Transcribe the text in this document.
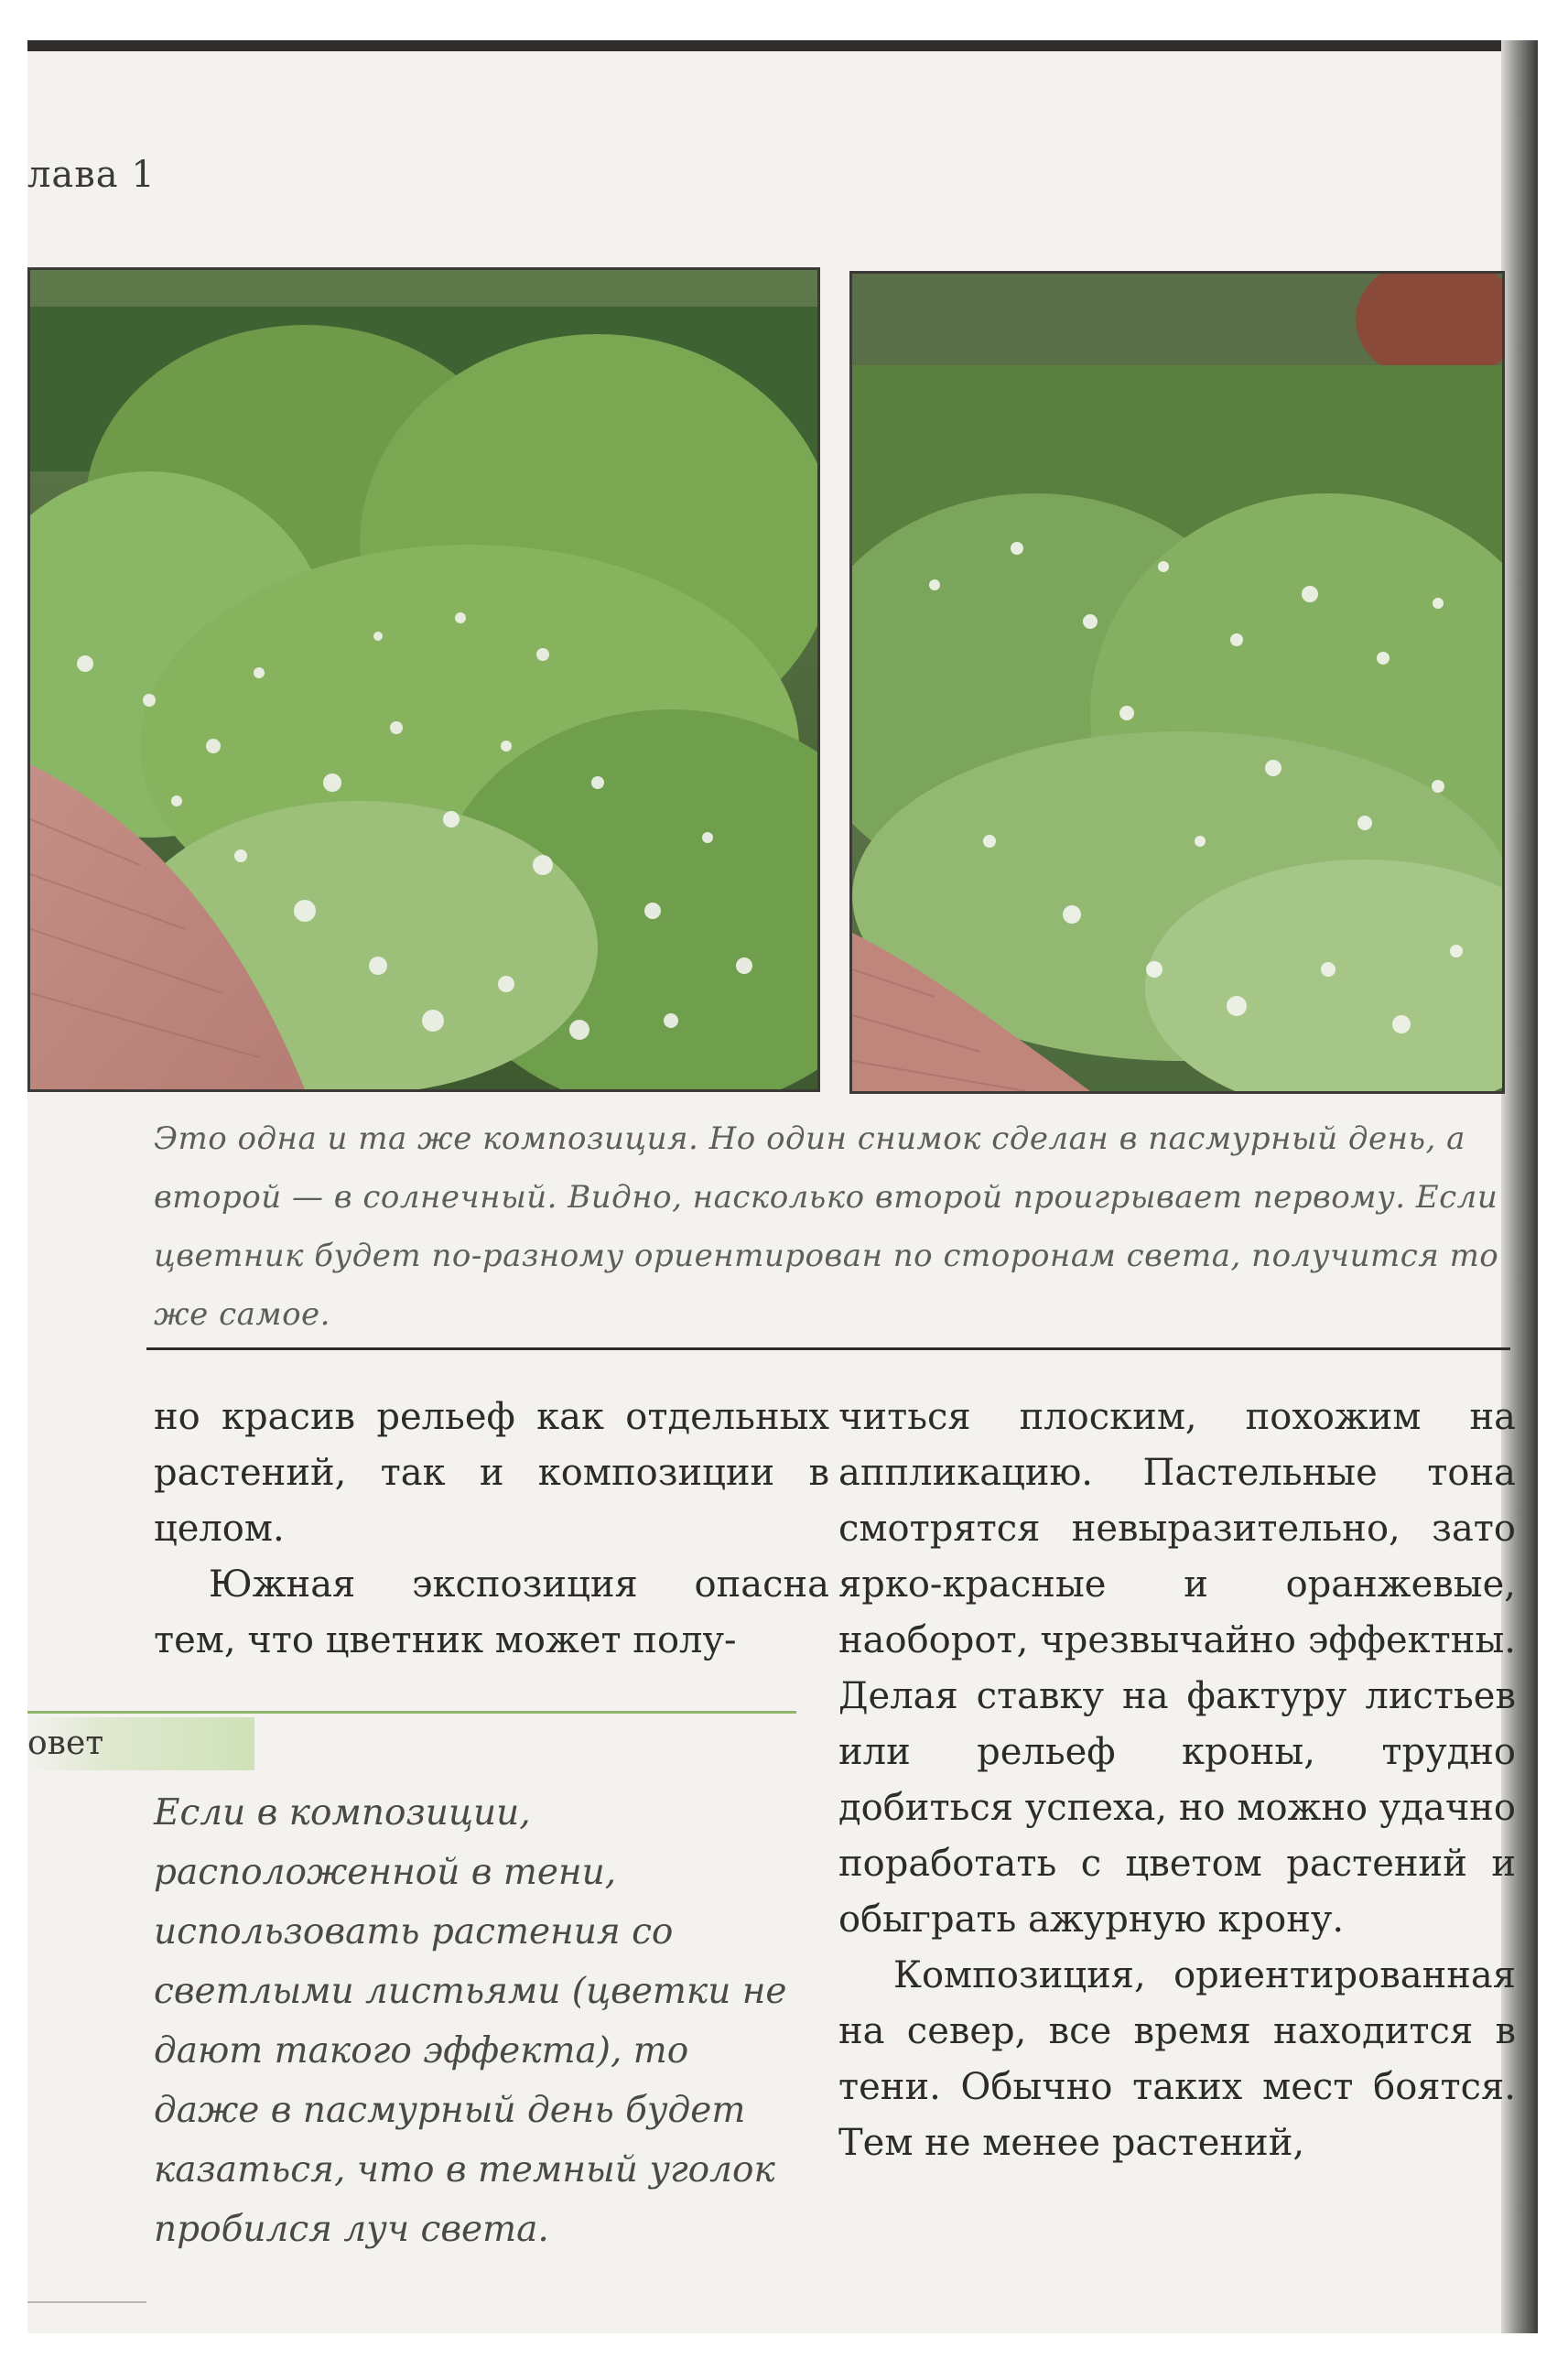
лава 1
Это одна и та же композиция. Но один снимок сделан в пасмурный день, а второй — в солнечный. Видно, насколько второй проигрывает первому. Если цветник будет по-разному ориентирован по сторонам света, получится то же самое.

но красив рельеф как отдельных растений, так и композиции в целом.

Южная экспозиция опасна тем, что цветник может полу-

овет
Если в композиции, расположенной в тени, использовать растения со светлыми листьями (цветки не дают такого эффекта), то даже в пасмурный день будет казаться, что в темный уголок пробился луч света.

читься плоским, похожим на аппликацию. Пастельные тона смотрятся невыразительно, зато ярко-красные и оранжевые, наоборот, чрезвычайно эффектны. Делая ставку на фактуру листьев или рельеф кроны, трудно добиться успеха, но можно удачно поработать с цветом растений и обыграть ажурную крону.

Композиция, ориентированная на север, все время находится в тени. Обычно таких мест боятся. Тем не менее растений,
